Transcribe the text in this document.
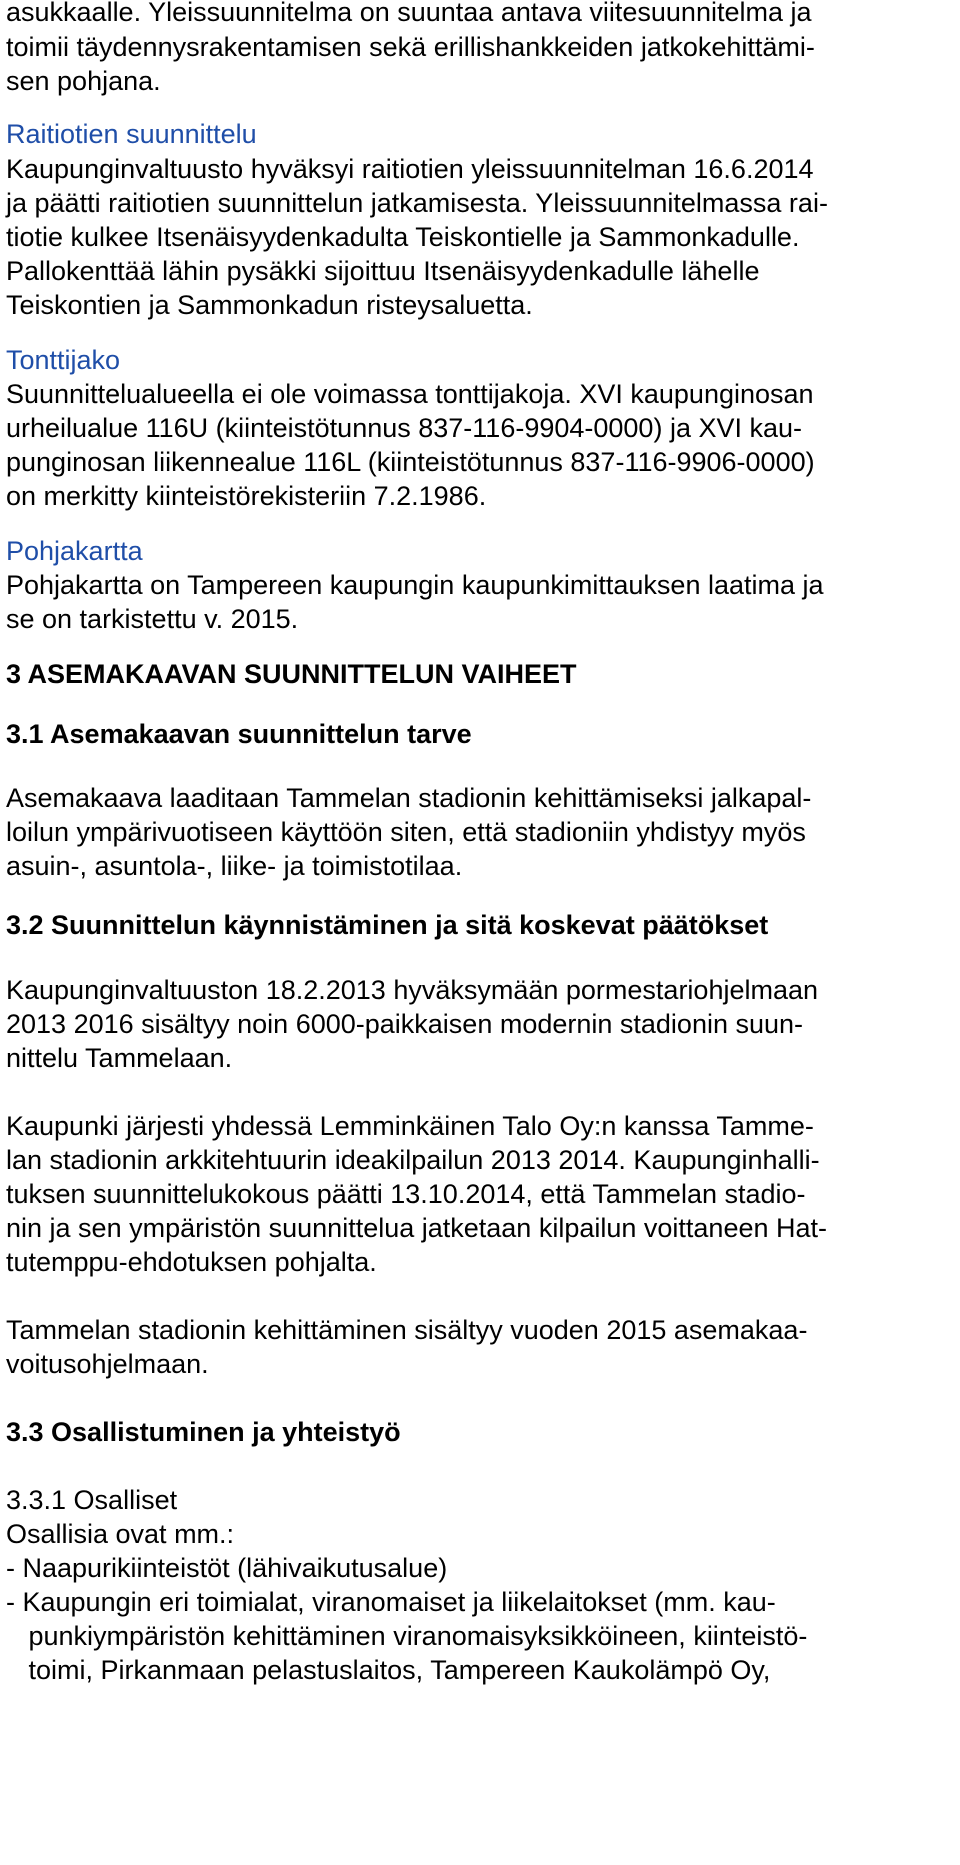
asukkaalle. Yleissuunnitelma on suuntaa antava viitesuunnitelma ja
toimii täydennysrakentamisen sekä erillishankkeiden jatkokehittämi-
sen pohjana.
Raitiotien suunnittelu
Kaupunginvaltuusto hyväksyi raitiotien yleissuunnitelman 16.6.2014
ja päätti raitiotien suunnittelun jatkamisesta. Yleissuunnitelmassa rai-
tiotie kulkee Itsenäisyydenkadulta Teiskontielle ja Sammonkadulle.
Pallokenttää lähin pysäkki sijoittuu Itsenäisyydenkadulle lähelle
Teiskontien ja Sammonkadun risteysaluetta.
Tonttijako
Suunnittelualueella ei ole voimassa tonttijakoja. XVI kaupunginosan
urheilualue 116U (kiinteistötunnus 837-116-9904-0000) ja XVI kau-
punginosan liikennealue 116L (kiinteistötunnus 837-116-9906-0000)
on merkitty kiinteistörekisteriin 7.2.1986.
Pohjakartta
Pohjakartta on Tampereen kaupungin kaupunkimittauksen laatima ja
se on tarkistettu v. 2015.
3 ASEMAKAAVAN SUUNNITTELUN VAIHEET
3.1 Asemakaavan suunnittelun tarve
Asemakaava laaditaan Tammelan stadionin kehittämiseksi jalkapal-
loilun ympärivuotiseen käyttöön siten, että stadioniin yhdistyy myös
asuin-, asuntola-, liike- ja toimistotilaa.
3.2 Suunnittelun käynnistäminen ja sitä koskevat päätökset
Kaupunginvaltuuston 18.2.2013 hyväksymään pormestariohjelmaan
2013 2016 sisältyy noin 6000-paikkaisen modernin stadionin suun-
nittelu Tammelaan.
Kaupunki järjesti yhdessä Lemminkäinen Talo Oy:n kanssa Tamme-
lan stadionin arkkitehtuurin ideakilpailun 2013 2014. Kaupunginhalli-
tuksen suunnittelukokous päätti 13.10.2014, että Tammelan stadio-
nin ja sen ympäristön suunnittelua jatketaan kilpailun voittaneen Hat-
tutemppu-ehdotuksen pohjalta.
Tammelan stadionin kehittäminen sisältyy vuoden 2015 asemakaa-
voitusohjelmaan.
3.3 Osallistuminen ja yhteistyö
3.3.1 Osalliset
Osallisia ovat mm.:
- Naapurikiinteistöt (lähivaikutusalue)
- Kaupungin eri toimialat, viranomaiset ja liikelaitokset (mm. kau-
punkiympäristön kehittäminen viranomaisyksikköineen, kiinteistö-
toimi, Pirkanmaan pelastuslaitos, Tampereen Kaukolämpö Oy,
